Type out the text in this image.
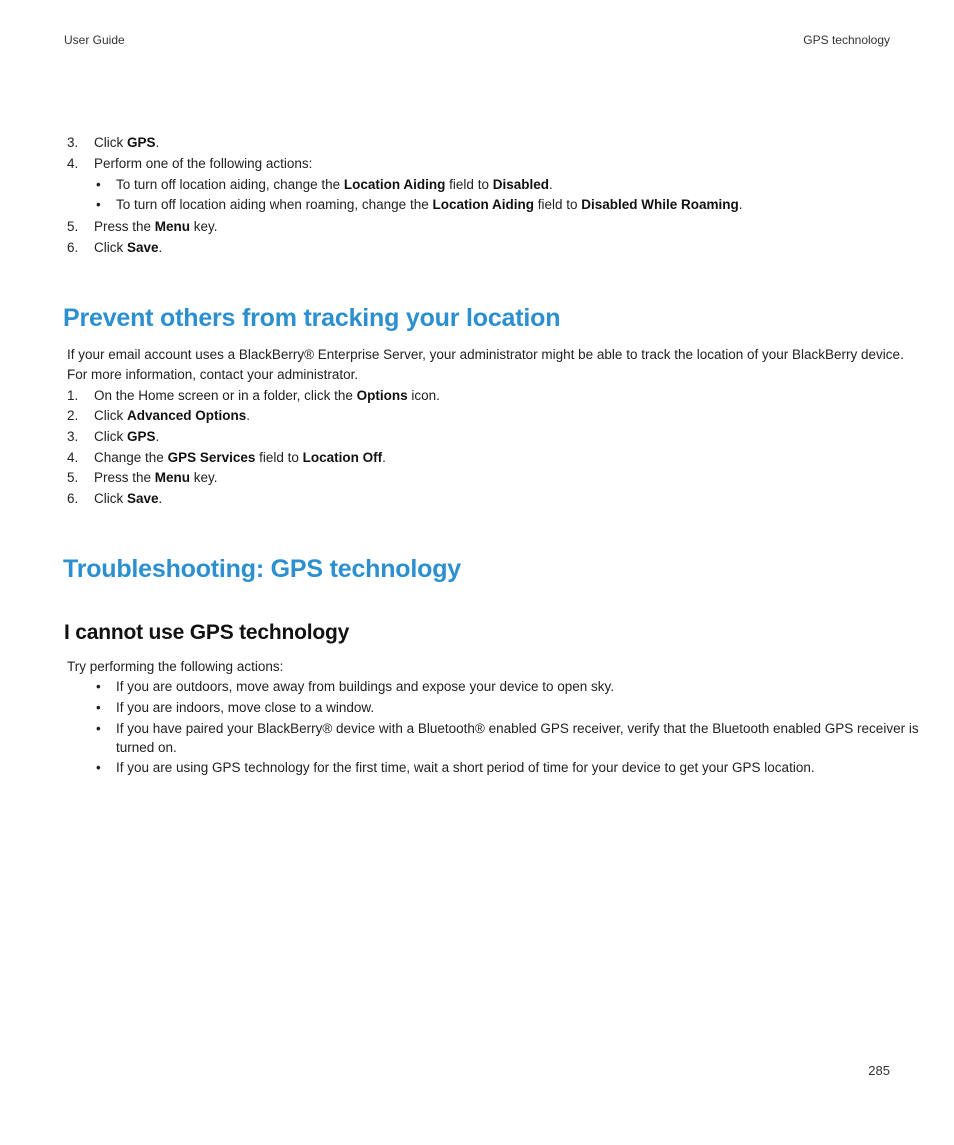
User Guide	GPS technology
3. Click GPS.
4. Perform one of the following actions:
• To turn off location aiding, change the Location Aiding field to Disabled.
• To turn off location aiding when roaming, change the Location Aiding field to Disabled While Roaming.
5. Press the Menu key.
6. Click Save.
Prevent others from tracking your location
If your email account uses a BlackBerry® Enterprise Server, your administrator might be able to track the location of your BlackBerry device.
For more information, contact your administrator.
1. On the Home screen or in a folder, click the Options icon.
2. Click Advanced Options.
3. Click GPS.
4. Change the GPS Services field to Location Off.
5. Press the Menu key.
6. Click Save.
Troubleshooting: GPS technology
I cannot use GPS technology
Try performing the following actions:
• If you are outdoors, move away from buildings and expose your device to open sky.
• If you are indoors, move close to a window.
• If you have paired your BlackBerry® device with a Bluetooth® enabled GPS receiver, verify that the Bluetooth enabled GPS receiver is
turned on.
• If you are using GPS technology for the first time, wait a short period of time for your device to get your GPS location.
285
